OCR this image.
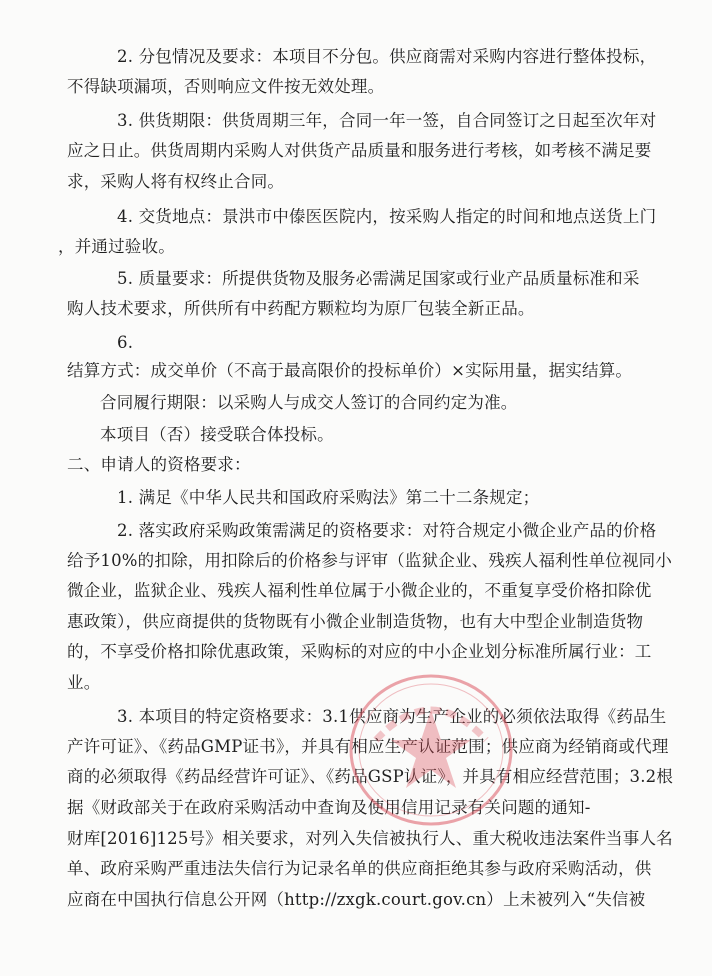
2. 分包情况及要求：本项目不分包。供应商需对采购内容进行整体投标，
不得缺项漏项，否则响应文件按无效处理。
3. 供货期限：供货周期三年，合同一年一签，自合同签订之日起至次年对
应之日止。供货周期内采购人对供货产品质量和服务进行考核，如考核不满足要
求，采购人将有权终止合同。
4. 交货地点：景洪市中傣医医院内，按采购人指定的时间和地点送货上门
，并通过验收。
5. 质量要求：所提供货物及服务必需满足国家或行业产品质量标准和采
购人技术要求，所供所有中药配方颗粒均为原厂包装全新正品。
6.
结算方式：成交单价（不高于最高限价的投标单价）×实际用量，据实结算。
合同履行期限：以采购人与成交人签订的合同约定为准。
本项目（否）接受联合体投标。
二、申请人的资格要求：
1. 满足《中华人民共和国政府采购法》第二十二条规定；
2. 落实政府采购政策需满足的资格要求：对符合规定小微企业产品的价格
给予10%的扣除，用扣除后的价格参与评审（监狱企业、残疾人福利性单位视同小
微企业，监狱企业、残疾人福利性单位属于小微企业的，不重复享受价格扣除优
惠政策），供应商提供的货物既有小微企业制造货物，也有大中型企业制造货物
的，不享受价格扣除优惠政策，采购标的对应的中小企业划分标准所属行业：工
业。
3. 本项目的特定资格要求：3.1供应商为生产企业的必须依法取得《药品生
产许可证》、《药品GMP证书》，并具有相应生产认证范围；供应商为经销商或代理
商的必须取得《药品经营许可证》、《药品GSP认证》，并具有相应经营范围；3.2根
据《财政部关于在政府采购活动中查询及使用信用记录有关问题的通知-
财库[2016]125号》相关要求，对列入失信被执行人、重大税收违法案件当事人名
单、政府采购严重违法失信行为记录名单的供应商拒绝其参与政府采购活动，供
应商在中国执行信息公开网（http://zxgk.court.gov.cn）上未被列入“失信被
